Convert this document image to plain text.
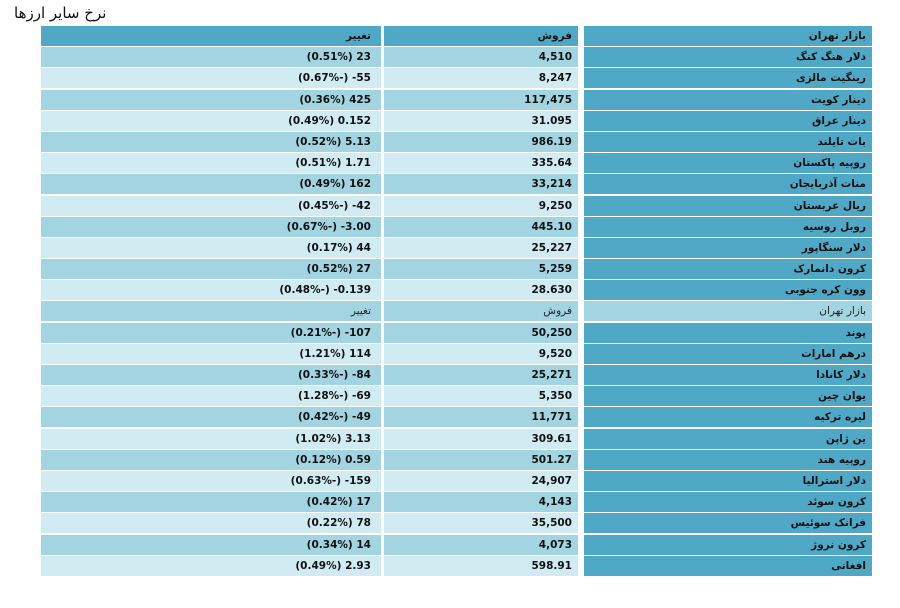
نرخ سایر ارزها
تغییر	فروش	بازار تهران
23 (0.51%)	4,510	دلار هنگ کنگ
55- (-0.67%)	8,247	رینگیت مالزی
425 (0.36%)	117,475	دینار کویت
0.152 (0.49%)	31.095	دینار عراق
5.13 (0.52%)	986.19	بات تایلند
1.71 (0.51%)	335.64	روپیه پاکستان
162 (0.49%)	33,214	منات آذربایجان
42- (-0.45%)	9,250	ریال عربستان
3.00- (-0.67%)	445.10	روبل روسیه
44 (0.17%)	25,227	دلار سنگاپور
27 (0.52%)	5,259	کرون دانمارک
0.139- (-0.48%)	28.630	وون کره جنوبی
تغییر	فروش	بازار تهران
107- (-0.21%)	50,250	پوند
114 (1.21%)	9,520	درهم امارات
84- (-0.33%)	25,271	دلار کانادا
69- (-1.28%)	5,350	یوان چین
49- (-0.42%)	11,771	لیره ترکیه
3.13 (1.02%)	309.61	ین ژاپن
0.59 (0.12%)	501.27	روپیه هند
159- (-0.63%)	24,907	دلار استرالیا
17 (0.42%)	4,143	کرون سوئد
78 (0.22%)	35,500	فرانک سوئیس
14 (0.34%)	4,073	کرون نروژ
2.93 (0.49%)	598.91	افغانی
